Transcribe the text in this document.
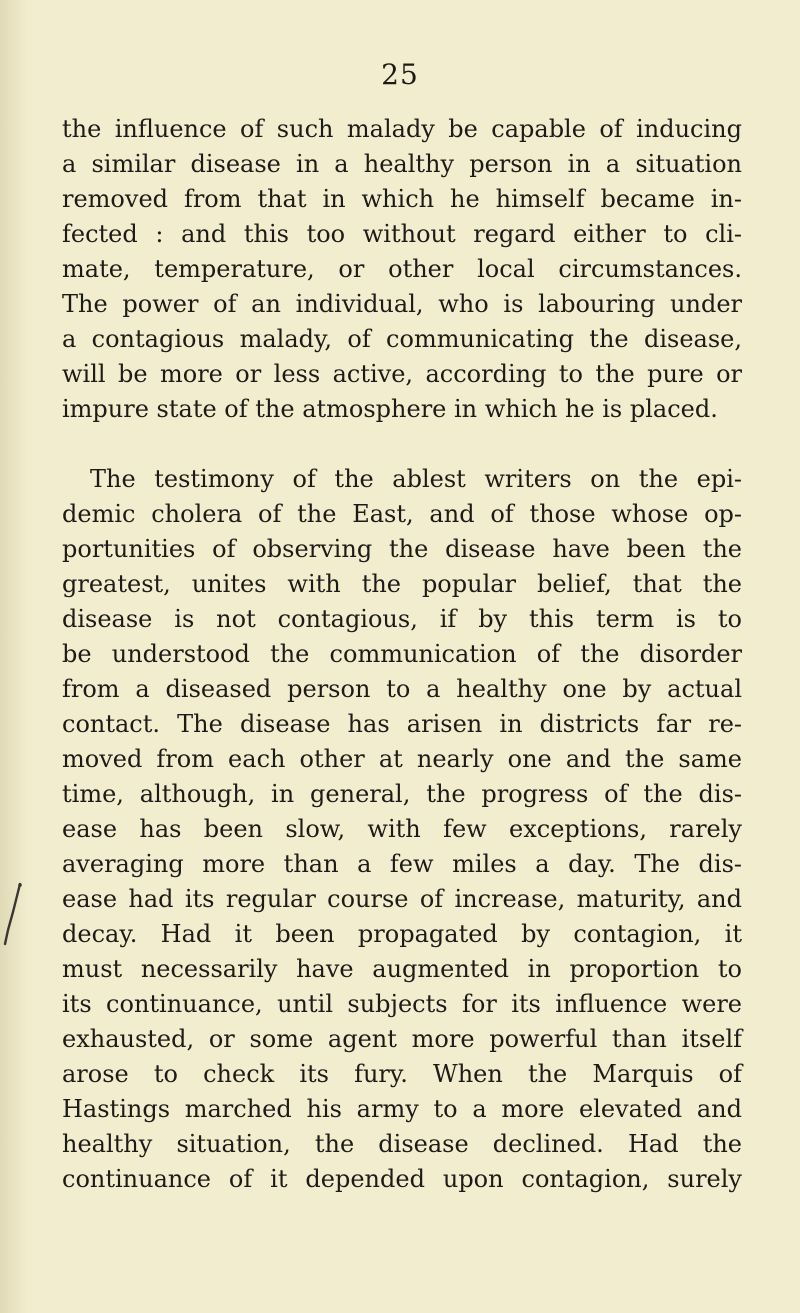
25
the influence of such malady be capable of inducing
a similar disease in a healthy person in a situation
removed from that in which he himself became in-
fected : and this too without regard either to cli-
mate, temperature, or other local circumstances.
The power of an individual, who is labouring under
a contagious malady, of communicating the disease,
will be more or less active, according to the pure or
impure state of the atmosphere in which he is placed.
The testimony of the ablest writers on the epi-
demic cholera of the East, and of those whose op-
portunities of observing the disease have been the
greatest, unites with the popular belief, that the
disease is not contagious, if by this term is to
be understood the communication of the disorder
from a diseased person to a healthy one by actual
contact. The disease has arisen in districts far re-
moved from each other at nearly one and the same
time, although, in general, the progress of the dis-
ease has been slow, with few exceptions, rarely
averaging more than a few miles a day. The dis-
ease had its regular course of increase, maturity, and
decay. Had it been propagated by contagion, it
must necessarily have augmented in proportion to
its continuance, until subjects for its influence were
exhausted, or some agent more powerful than itself
arose to check its fury. When the Marquis of
Hastings marched his army to a more elevated and
healthy situation, the disease declined. Had the
continuance of it depended upon contagion, surely
